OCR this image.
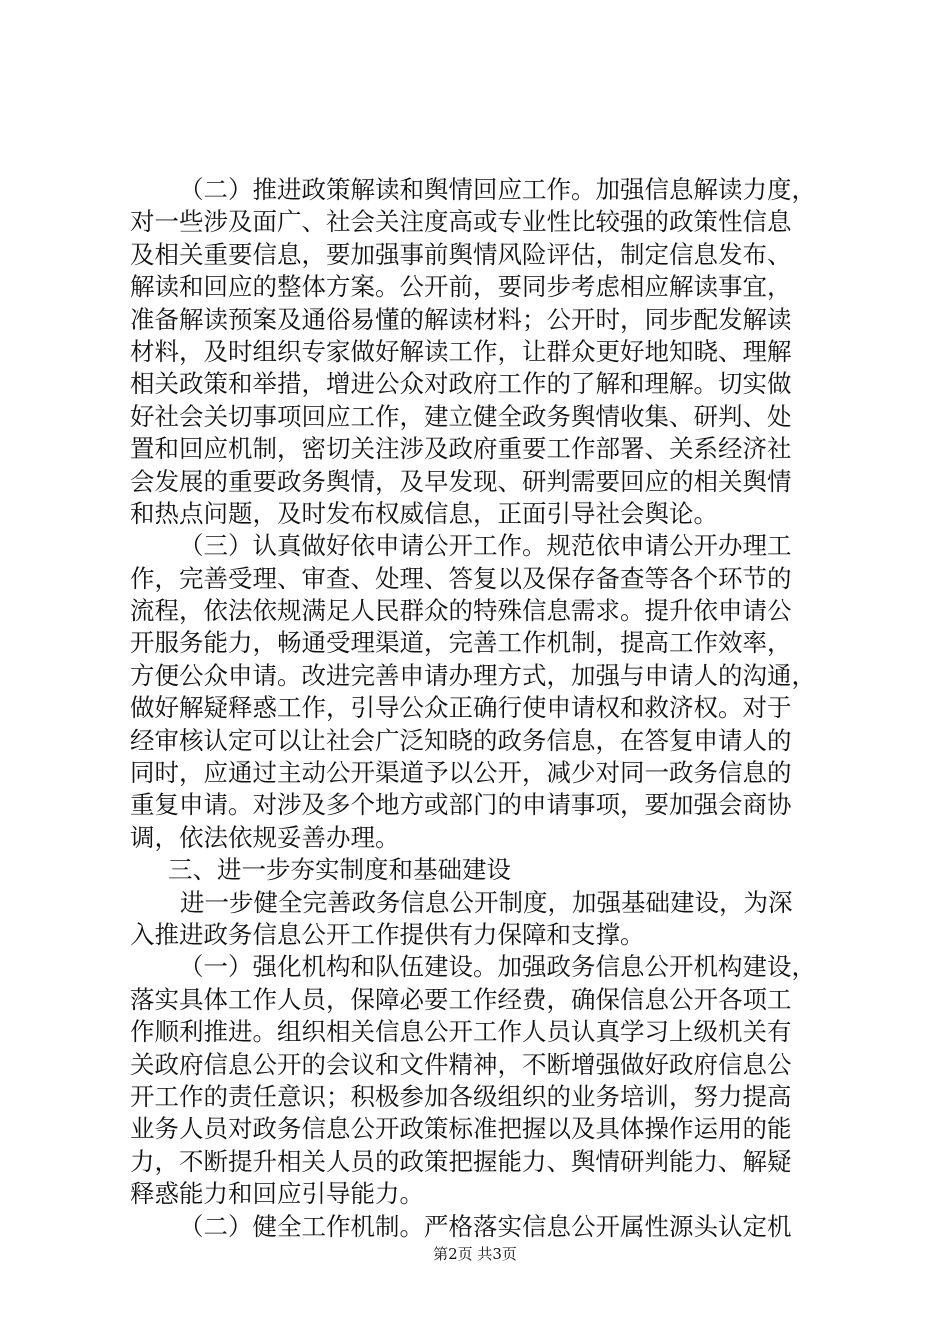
（二）推进政策解读和舆情回应工作。加强信息解读力度，
对一些涉及面广、社会关注度高或专业性比较强的政策性信息
及相关重要信息，要加强事前舆情风险评估，制定信息发布、
解读和回应的整体方案。公开前，要同步考虑相应解读事宜，
准备解读预案及通俗易懂的解读材料；公开时，同步配发解读
材料，及时组织专家做好解读工作，让群众更好地知晓、理解
相关政策和举措，增进公众对政府工作的了解和理解。切实做
好社会关切事项回应工作，建立健全政务舆情收集、研判、处
置和回应机制，密切关注涉及政府重要工作部署、关系经济社
会发展的重要政务舆情，及早发现、研判需要回应的相关舆情
和热点问题，及时发布权威信息，正面引导社会舆论。
（三）认真做好依申请公开工作。规范依申请公开办理工
作，完善受理、审查、处理、答复以及保存备查等各个环节的
流程，依法依规满足人民群众的特殊信息需求。提升依申请公
开服务能力，畅通受理渠道，完善工作机制，提高工作效率，
方便公众申请。改进完善申请办理方式，加强与申请人的沟通，
做好解疑释惑工作，引导公众正确行使申请权和救济权。对于
经审核认定可以让社会广泛知晓的政务信息，在答复申请人的
同时，应通过主动公开渠道予以公开，减少对同一政务信息的
重复申请。对涉及多个地方或部门的申请事项，要加强会商协
调，依法依规妥善办理。
三、进一步夯实制度和基础建设
进一步健全完善政务信息公开制度，加强基础建设，为深
入推进政务信息公开工作提供有力保障和支撑。
（一）强化机构和队伍建设。加强政务信息公开机构建设，
落实具体工作人员，保障必要工作经费，确保信息公开各项工
作顺利推进。组织相关信息公开工作人员认真学习上级机关有
关政府信息公开的会议和文件精神，不断增强做好政府信息公
开工作的责任意识；积极参加各级组织的业务培训，努力提高
业务人员对政务信息公开政策标准把握以及具体操作运用的能
力，不断提升相关人员的政策把握能力、舆情研判能力、解疑
释惑能力和回应引导能力。
（二）健全工作机制。严格落实信息公开属性源头认定机
第2页 共3页
